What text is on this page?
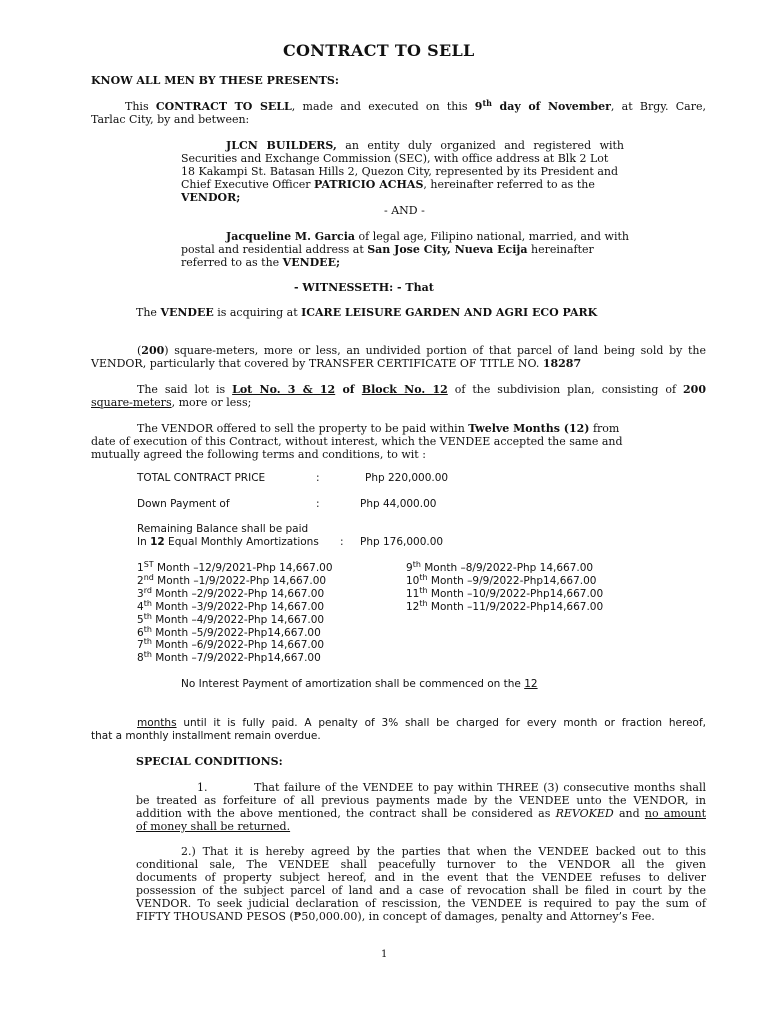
CONTRACT TO SELL
KNOW ALL MEN BY THESE PRESENTS:
This CONTRACT TO SELL, made and executed on this 9th day of November, at Brgy. Care,
Tarlac City, by and between:
JLCN BUILDERS, an entity duly organized and registered with
Securities and Exchange Commission (SEC), with office address at Blk 2 Lot
18 Kakampi St. Batasan Hills 2, Quezon City, represented by its President and
Chief Executive Officer PATRICIO ACHAS, hereinafter referred to as the
VENDOR;
- AND -
Jacqueline M. Garcia of legal age, Filipino national, married, and with
postal and residential address at San Jose City, Nueva Ecija hereinafter
referred to as the VENDEE;
- WITNESSETH: - That
The VENDEE is acquiring at ICARE LEISURE GARDEN AND AGRI ECO PARK
(200) square-meters, more or less, an undivided portion of that parcel of land being sold by the
VENDOR, particularly that covered by TRANSFER CERTIFICATE OF TITLE NO. 18287
The said lot is Lot No. 3 & 12 of Block No. 12 of the subdivision plan, consisting of 200
square-meters, more or less;
The VENDOR offered to sell the property to be paid within Twelve Months (12) from
date of execution of this Contract, without interest, which the VENDEE accepted the same and
mutually agreed the following terms and conditions, to wit :
TOTAL CONTRACT PRICE	:	Php 220,000.00
Down Payment of	:	Php 44,000.00
Remaining Balance shall be paid
In 12 Equal Monthly Amortizations : Php 176,000.00
1ST Month –12/9/2021-Php 14,667.00
2nd Month –1/9/2022-Php 14,667.00
3rd Month –2/9/2022-Php 14,667.00
4th Month –3/9/2022-Php 14,667.00
5th Month –4/9/2022-Php 14,667.00
6th Month –5/9/2022-Php14,667.00
7th Month –6/9/2022-Php 14,667.00
8th Month –7/9/2022-Php14,667.00
9th Month –8/9/2022-Php 14,667.00
10th Month –9/9/2022-Php14,667.00
11th Month –10/9/2022-Php14,667.00
12th Month –11/9/2022-Php14,667.00
No Interest Payment of amortization shall be commenced on the 12
months until it is fully paid. A penalty of 3% shall be charged for every month or fraction hereof,
that a monthly installment remain overdue.
SPECIAL CONDITIONS:
1.	That failure of the VENDEE to pay within THREE (3) consecutive months shall
be treated as forfeiture of all previous payments made by the VENDEE unto the VENDOR, in
addition with the above mentioned, the contract shall be considered as REVOKED and no amount
of money shall be returned.
2.) That it is hereby agreed by the parties that when the VENDEE backed out to this
conditional sale, The VENDEE shall peacefully turnover to the VENDOR all the given
documents of property subject hereof, and in the event that the VENDEE refuses to deliver
possession of the subject parcel of land and a case of revocation shall be filed in court by the
VENDOR. To seek judicial declaration of rescission, the VENDEE is required to pay the sum of
FIFTY THOUSAND PESOS (₱50,000.00), in concept of damages, penalty and Attorney’s Fee.
1
